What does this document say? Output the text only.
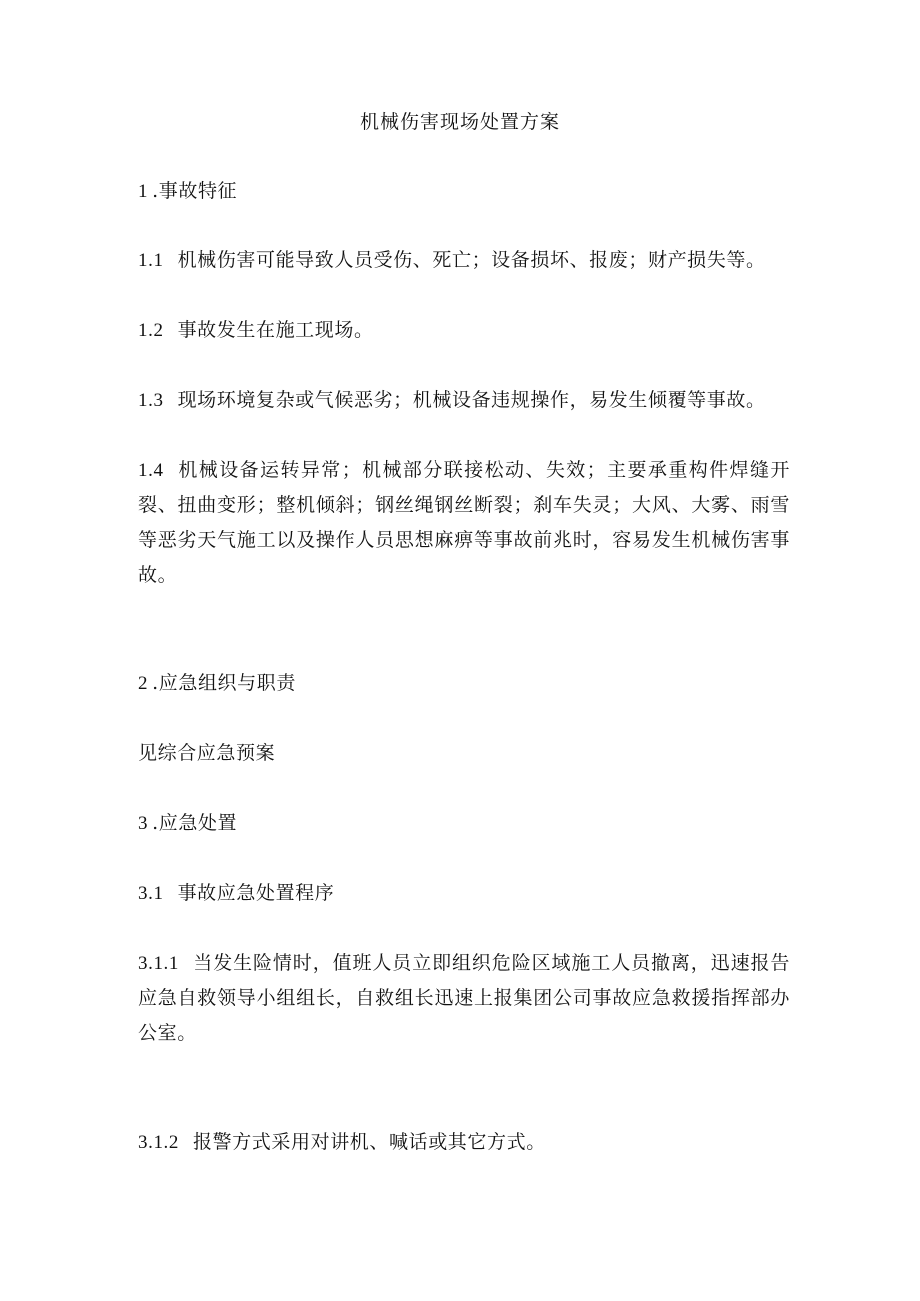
机械伤害现场处置方案
1 .事故特征
1.1 机械伤害可能导致人员受伤、死亡；设备损坏、报废；财产损失等。
1.2 事故发生在施工现场。
1.3 现场环境复杂或气候恶劣；机械设备违规操作，易发生倾覆等事故。
1.4 机械设备运转异常；机械部分联接松动、失效；主要承重构件焊缝开裂、扭曲变形；整机倾斜；钢丝绳钢丝断裂；刹车失灵；大风、大雾、雨雪等恶劣天气施工以及操作人员思想麻痹等事故前兆时，容易发生机械伤害事故。
2 .应急组织与职责
见综合应急预案
3 .应急处置
3.1 事故应急处置程序
3.1.1 当发生险情时，值班人员立即组织危险区域施工人员撤离，迅速报告应急自救领导小组组长，自救组长迅速上报集团公司事故应急救援指挥部办公室。
3.1.2 报警方式采用对讲机、喊话或其它方式。
